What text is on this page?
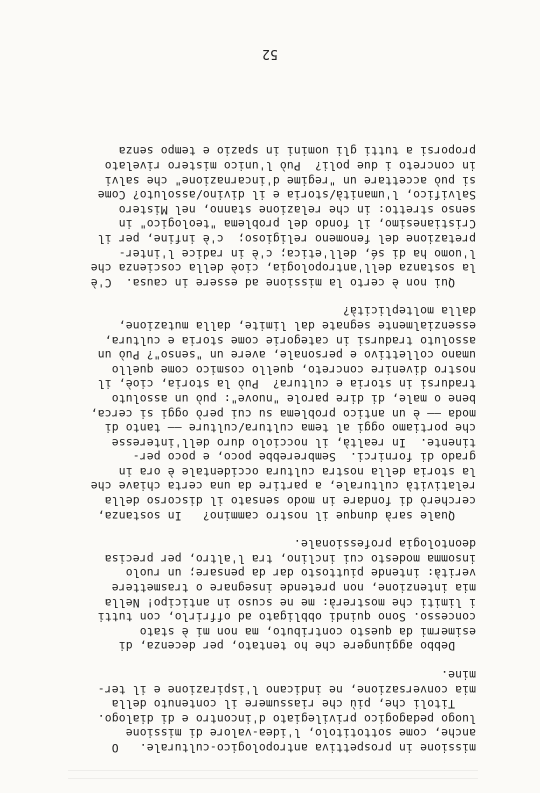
missione in prospettiva antropologico-culturale.   O
anche, come sottotitolo, l'idea-valore di missione
luogo pedagogico privilegiato d'incontro e di dialogo.
Titoli che, più che riassumere il contenuto della
mia conversazione, ne indicano l'ispirazione e il ter-
mine.
Debbo aggiungere che ho tentato, per decenza, di
esimermi da questo contributo, ma non mi è stato
concesso. Sono quindi obbligato ad offrirlo, con tutti
i limiti che mostrerà: me ne scuso in anticipo! Nella
mia intenzione, non pretende insegnare o trasmettere
verità: intende piuttosto dar da pensare; un ruolo
insomma modesto cui inclino, tra l'altro, per precisa
deontologia professionale.
Quale sarà dunque il nostro cammino?   In sostanza,
cercherò di fondare in modo sensato il discorso della
relatività culturale, a partire da una certa chiave che
la storia della nostra cultura occidentale è ora in
grado di fornirci.  Sembrerebbe poco, e poco per-
tinente.  In realtà, il nocciolo duro dell'interesse
che portiamo oggi al tema cultura/culture —— tanto di
moda —— è un antico problema su cui però oggi si cerca,
bene o male, di dire parole "nuove": può un assoluto
tradursi in storia e cultura?  Può la storia, cioè, il
nostro divenire concreto, quello cosmico come quello
umano collettivo e personale, avere un "senso"? Può un
assoluto tradursi in categorie come storia e cultura,
essenzialmente segnate dal limite, dalla mutazione,
dalla molteplicità?
Qui non è certo la missione ad essere in causa.  C'è
la sostanza dell'antropologia, cioè della coscienza che
l'uomo ha di sé, dell'etica; c'è in radice l'inter-
pretazione del fenomeno religioso;  c'è infine, per il
Cristianesimo, il fondo del problema "teologico" in
senso stretto: in che relazione stanno, nel Mistero
Salvifico, l'umanità/storia e il divino/assoluto? Come
si può accettare un "regime d'incarnazione" che salvi
in concreto i due poli?  Può l'unico mistero rivelato
proporsi a tutti gli uomini in spazio e tempo senza
52
